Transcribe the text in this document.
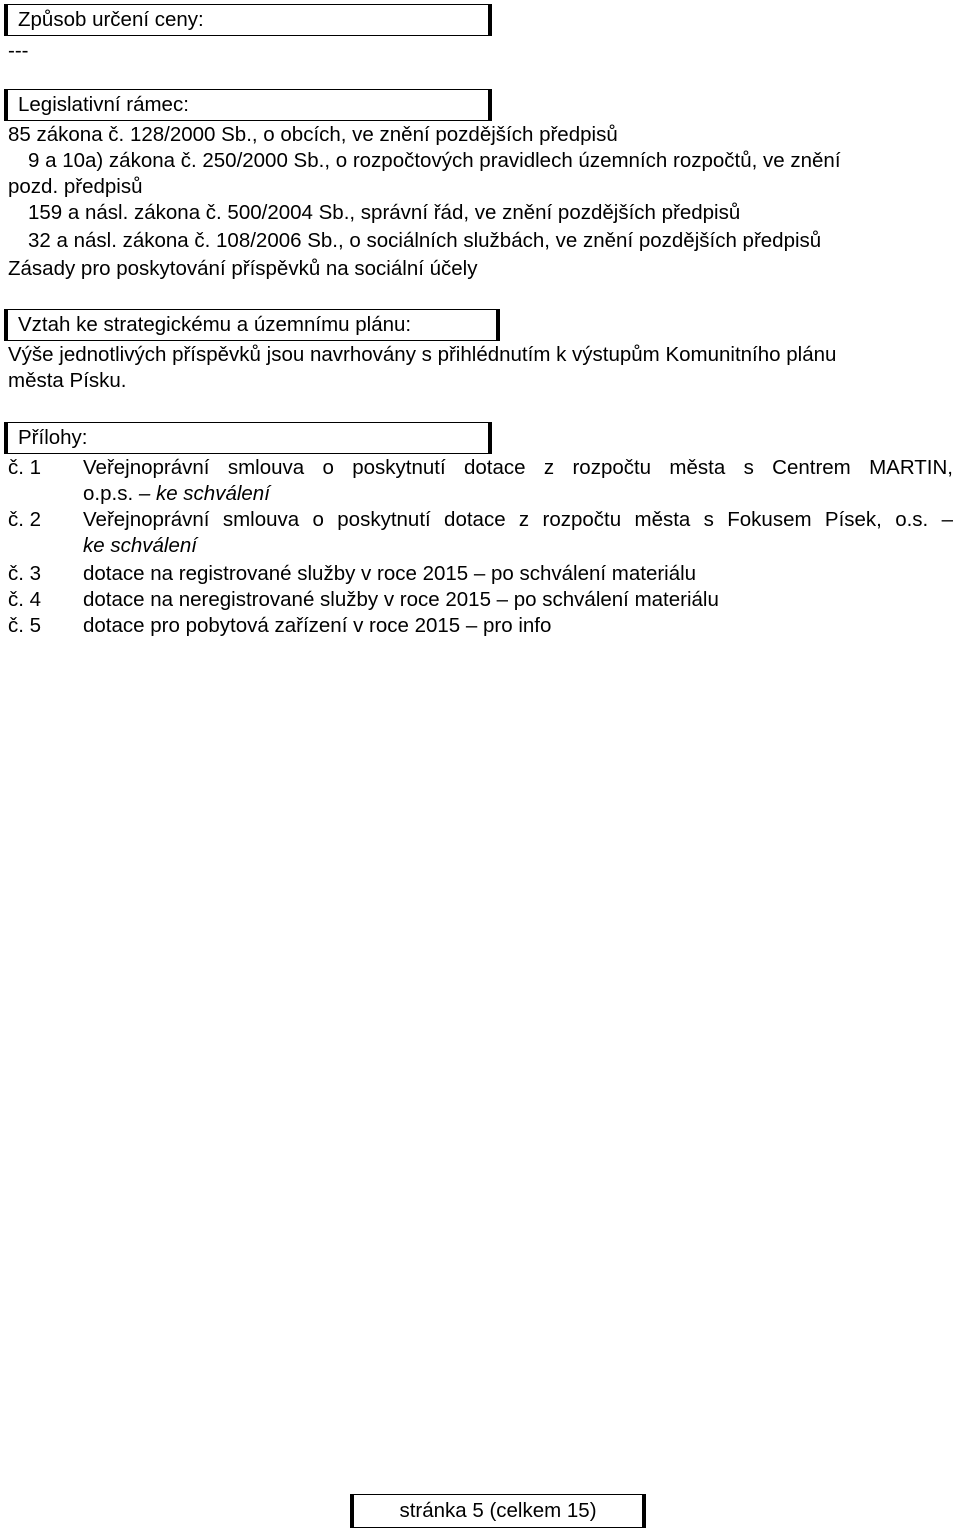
Způsob určení ceny:
---
Legislativní rámec:
85 zákona č. 128/2000 Sb., o obcích, ve znění pozdějších předpisů
9 a 10a) zákona č. 250/2000 Sb., o rozpočtových pravidlech územních rozpočtů, ve znění
pozd. předpisů
159 a násl. zákona č. 500/2004 Sb., správní řád, ve znění pozdějších předpisů
32 a násl. zákona č. 108/2006 Sb., o sociálních službách, ve znění pozdějších předpisů
Zásady pro poskytování příspěvků na sociální účely
Vztah ke strategickému a územnímu plánu:
Výše jednotlivých příspěvků jsou navrhovány s přihlédnutím k výstupům Komunitního plánu
města Písku.
Přílohy:
č. 1 Veřejnoprávní smlouva o poskytnutí dotace z rozpočtu města s Centrem MARTIN,
o.p.s. – ke schválení
č. 2 Veřejnoprávní smlouva o poskytnutí dotace z rozpočtu města s Fokusem Písek, o.s. –
ke schválení
č. 3 dotace na registrované služby v roce 2015 – po schválení materiálu
č. 4 dotace na neregistrované služby v roce 2015 – po schválení materiálu
č. 5 dotace pro pobytová zařízení v roce 2015 – pro info
stránka 5 (celkem 15)
